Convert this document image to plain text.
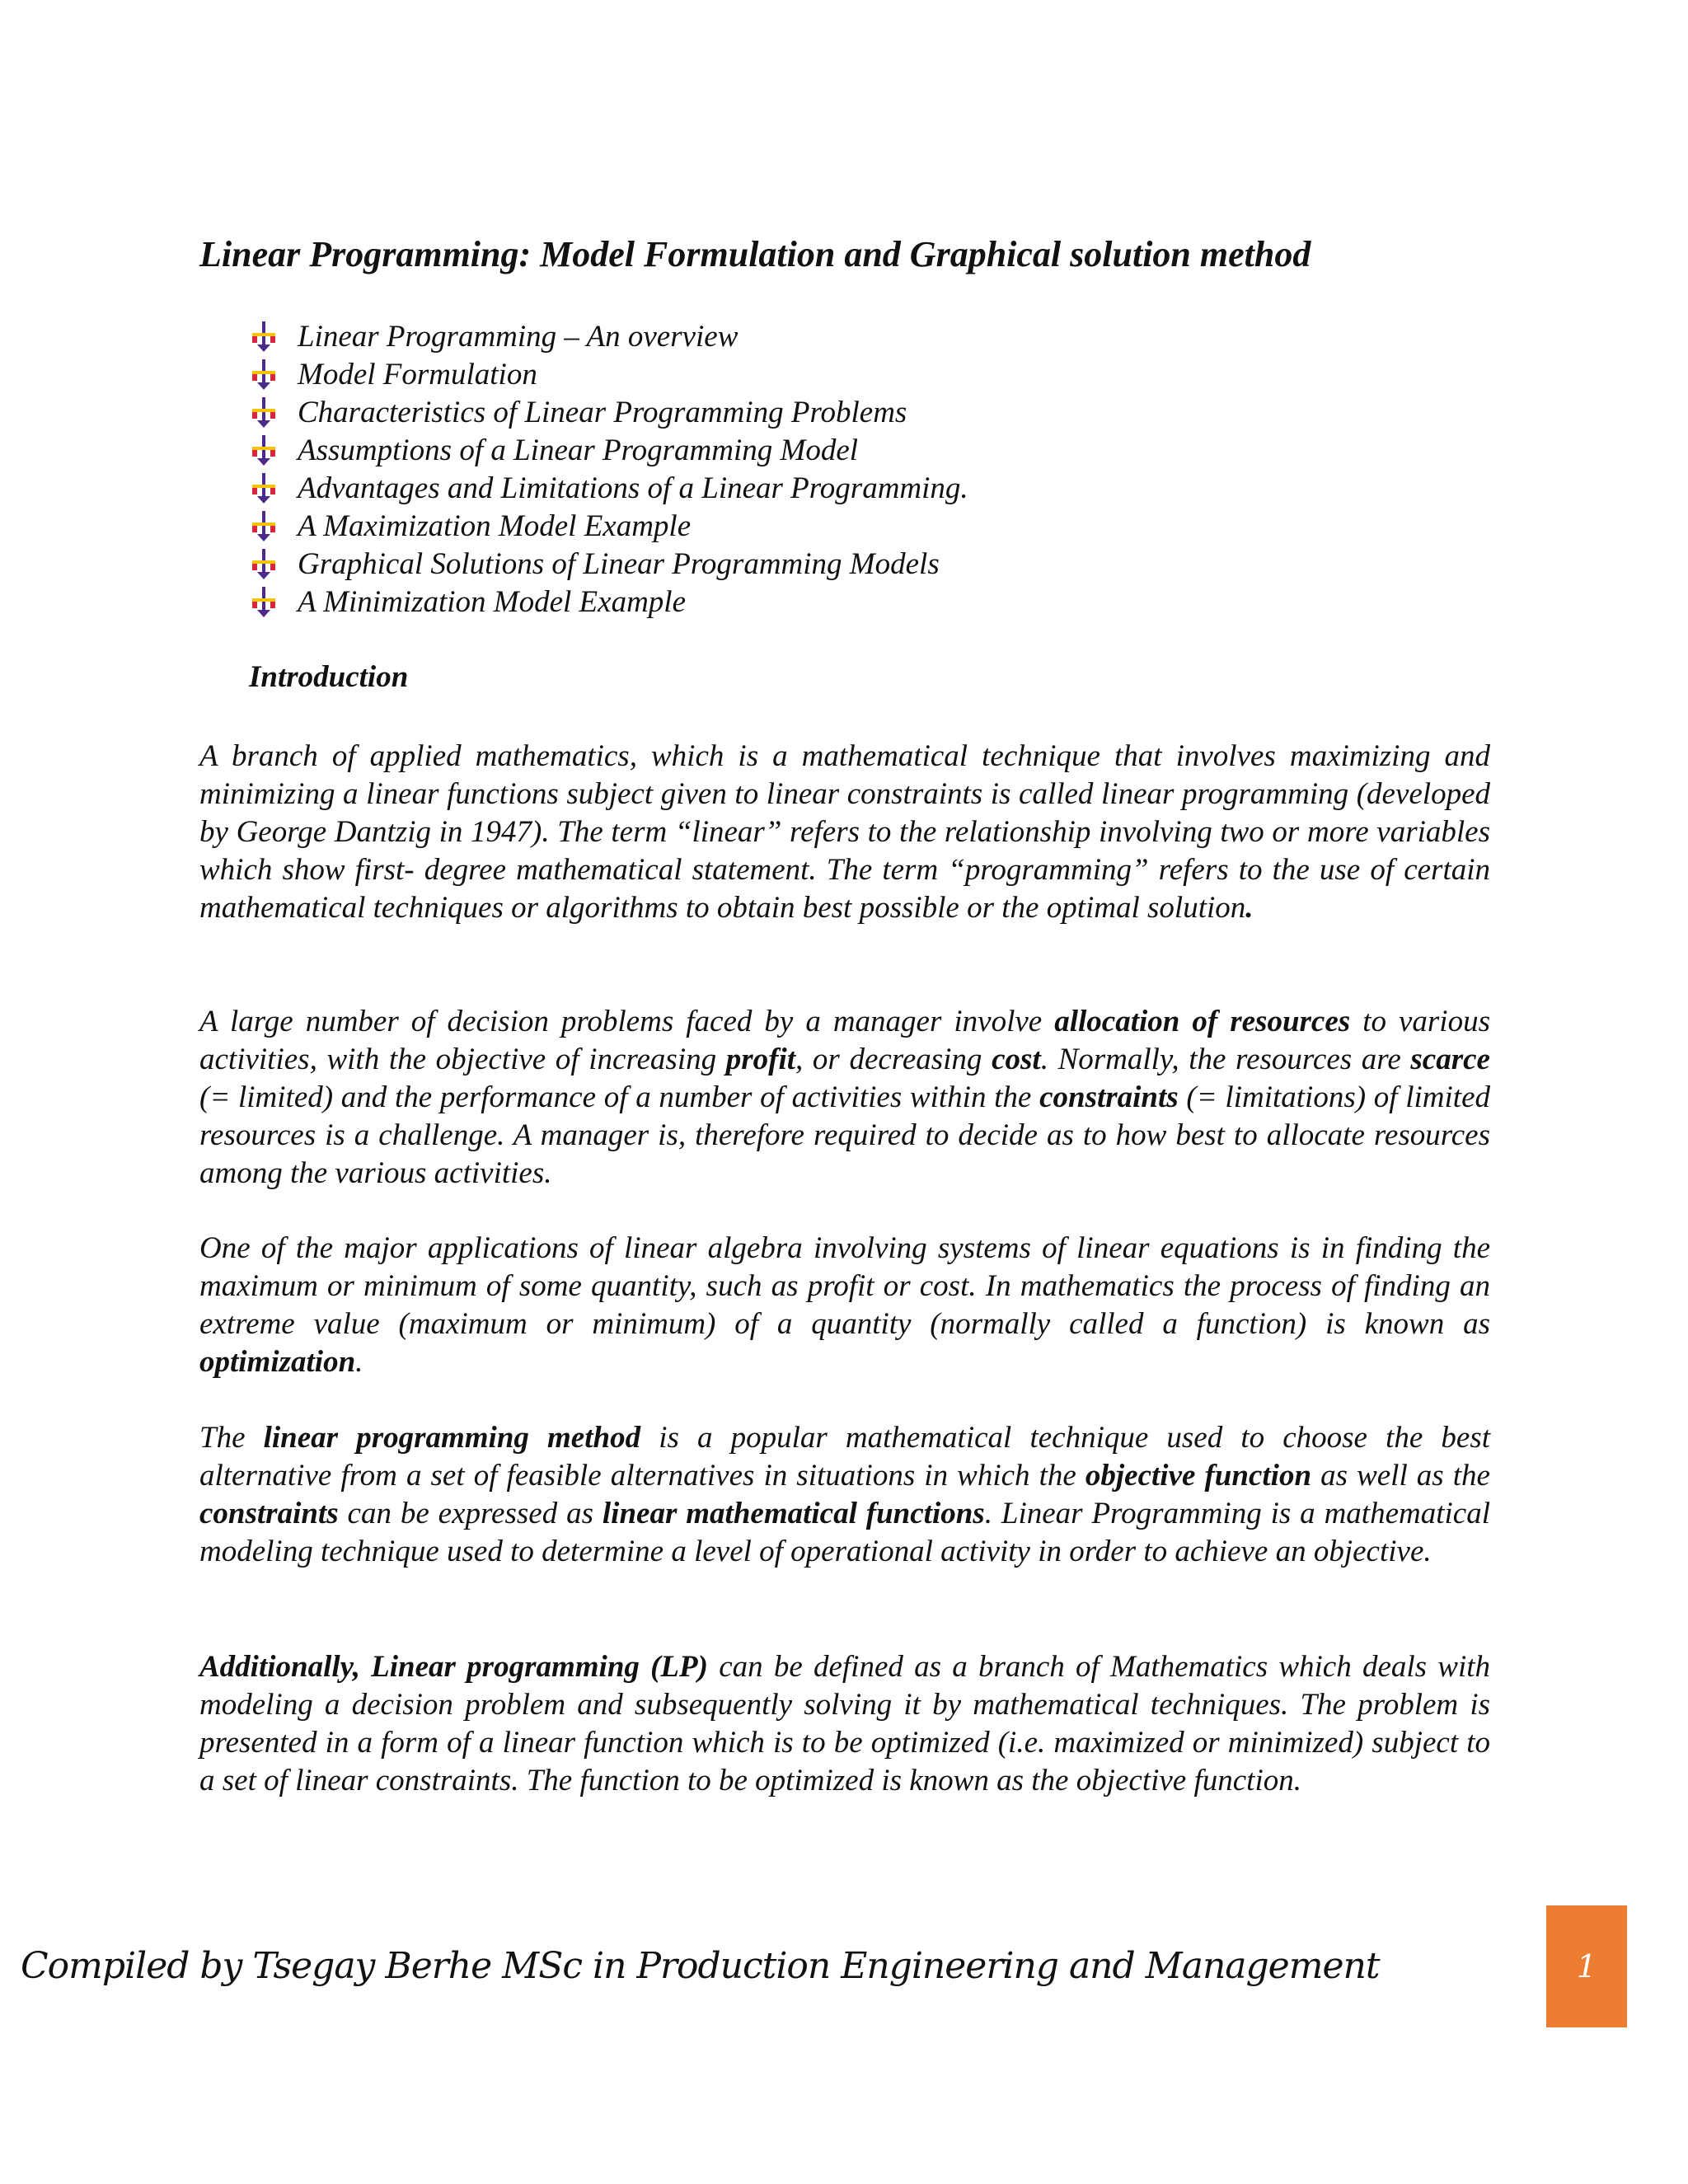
Linear Programming: Model Formulation and Graphical solution method
Linear Programming – An overview
Model Formulation
Characteristics of Linear Programming Problems
Assumptions of a Linear Programming Model
Advantages and Limitations of a Linear Programming.
A Maximization Model Example
Graphical Solutions of Linear Programming Models
A Minimization Model Example
Introduction

A branch of applied mathematics, which is a mathematical technique that involves maximizing and minimizing a linear functions subject given to linear constraints is called linear programming (developed by George Dantzig in 1947). The term “linear” refers to the relationship involving two or more variables which show first- degree mathematical statement. The term “programming” refers to the use of certain mathematical techniques or algorithms to obtain best possible or the optimal solution.

A large number of decision problems faced by a manager involve allocation of resources to various activities, with the objective of increasing profit, or decreasing cost. Normally, the resources are scarce (= limited) and the performance of a number of activities within the constraints (= limitations) of limited resources is a challenge. A manager is, therefore required to decide as to how best to allocate resources among the various activities.

One of the major applications of linear algebra involving systems of linear equations is in finding the maximum or minimum of some quantity, such as profit or cost. In mathematics the process of finding an extreme value (maximum or minimum) of a quantity (normally called a function) is known as optimization.

The linear programming method is a popular mathematical technique used to choose the best alternative from a set of feasible alternatives in situations in which the objective function as well as the constraints can be expressed as linear mathematical functions. Linear Programming is a mathematical modeling technique used to determine a level of operational activity in order to achieve an objective.

Additionally, Linear programming (LP) can be defined as a branch of Mathematics which deals with modeling a decision problem and subsequently solving it by mathematical techniques. The problem is presented in a form of a linear function which is to be optimized (i.e. maximized or minimized) subject to a set of linear constraints. The function to be optimized is known as the objective function.

Compiled by Tsegay Berhe MSc in Production Engineering and Management	1
